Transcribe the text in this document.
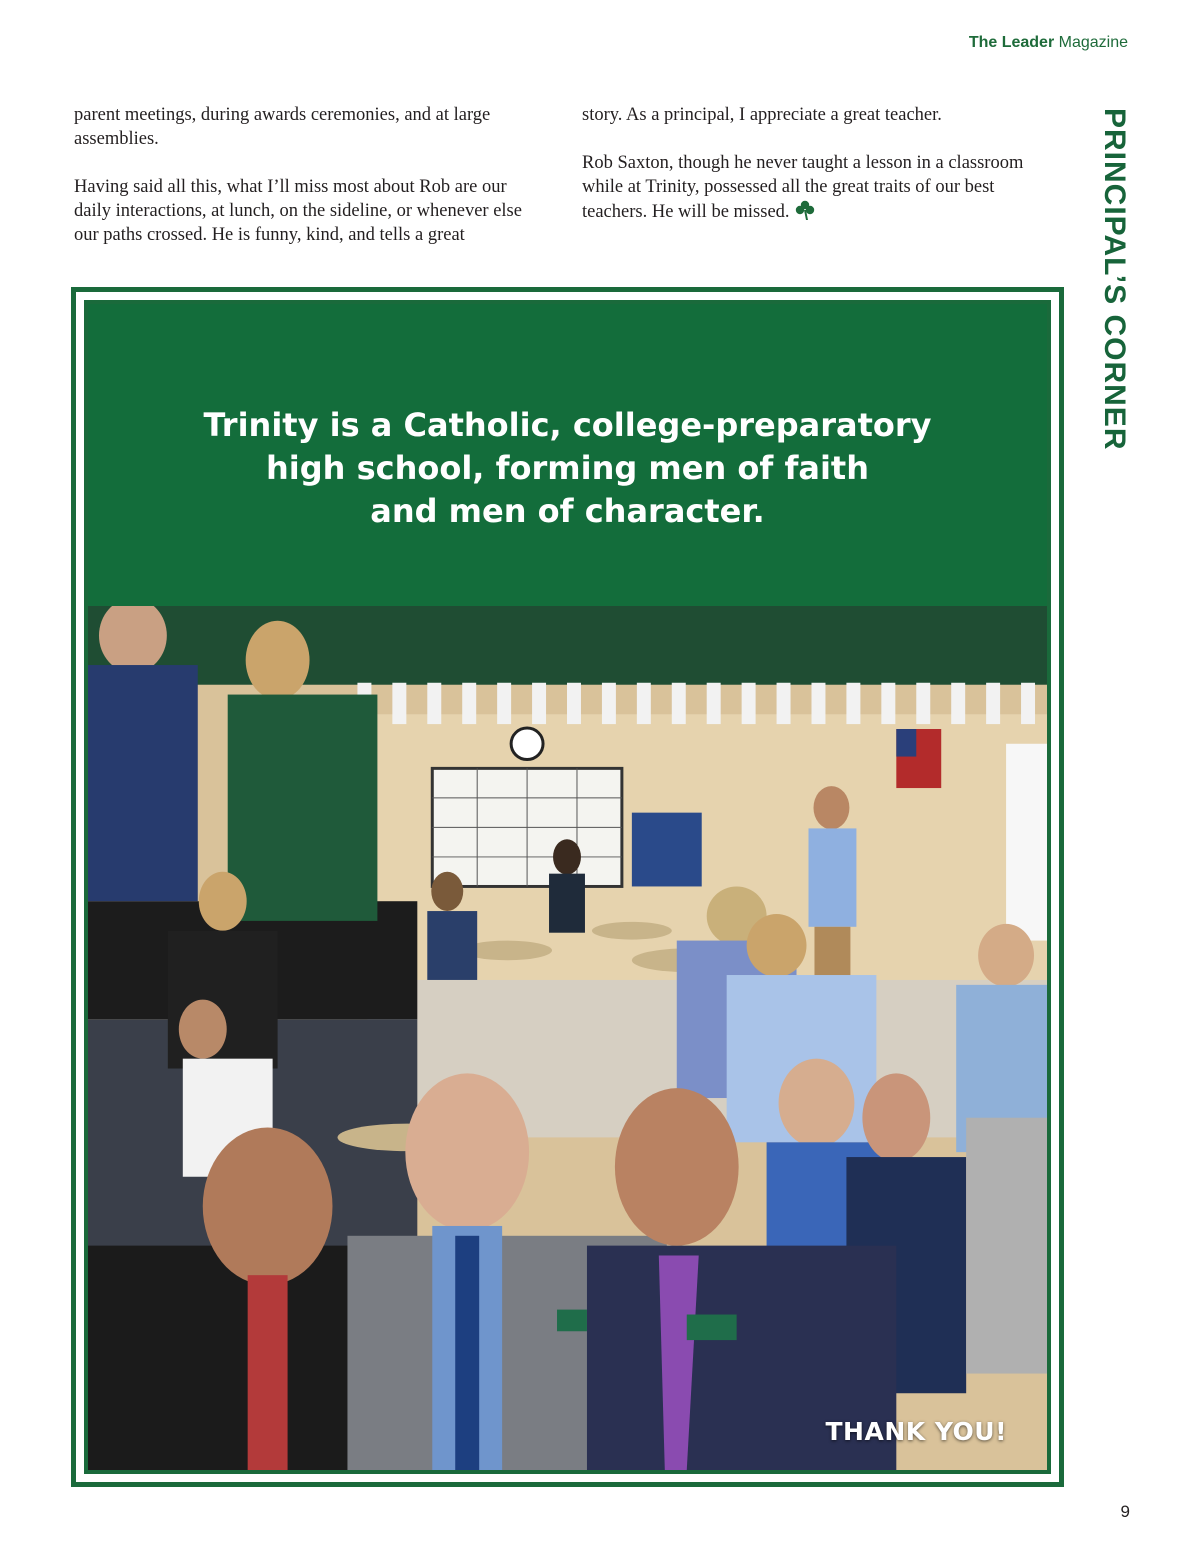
The Leader Magazine

parent meetings, during awards ceremonies, and at large assemblies.

Having said all this, what I’ll miss most about Rob are our daily interactions, at lunch, on the sideline, or whenever else our paths crossed. He is funny, kind, and tells a great

story. As a principal, I appreciate a great teacher.

Rob Saxton, though he never taught a lesson in a classroom while at Trinity, possessed all the great traits of our best teachers. He will be missed.	PRINCIPAL’S CORNER
Trinity is a Catholic, college-preparatory
high school, forming men of faith
and men of character.
THANK YOU!
9
